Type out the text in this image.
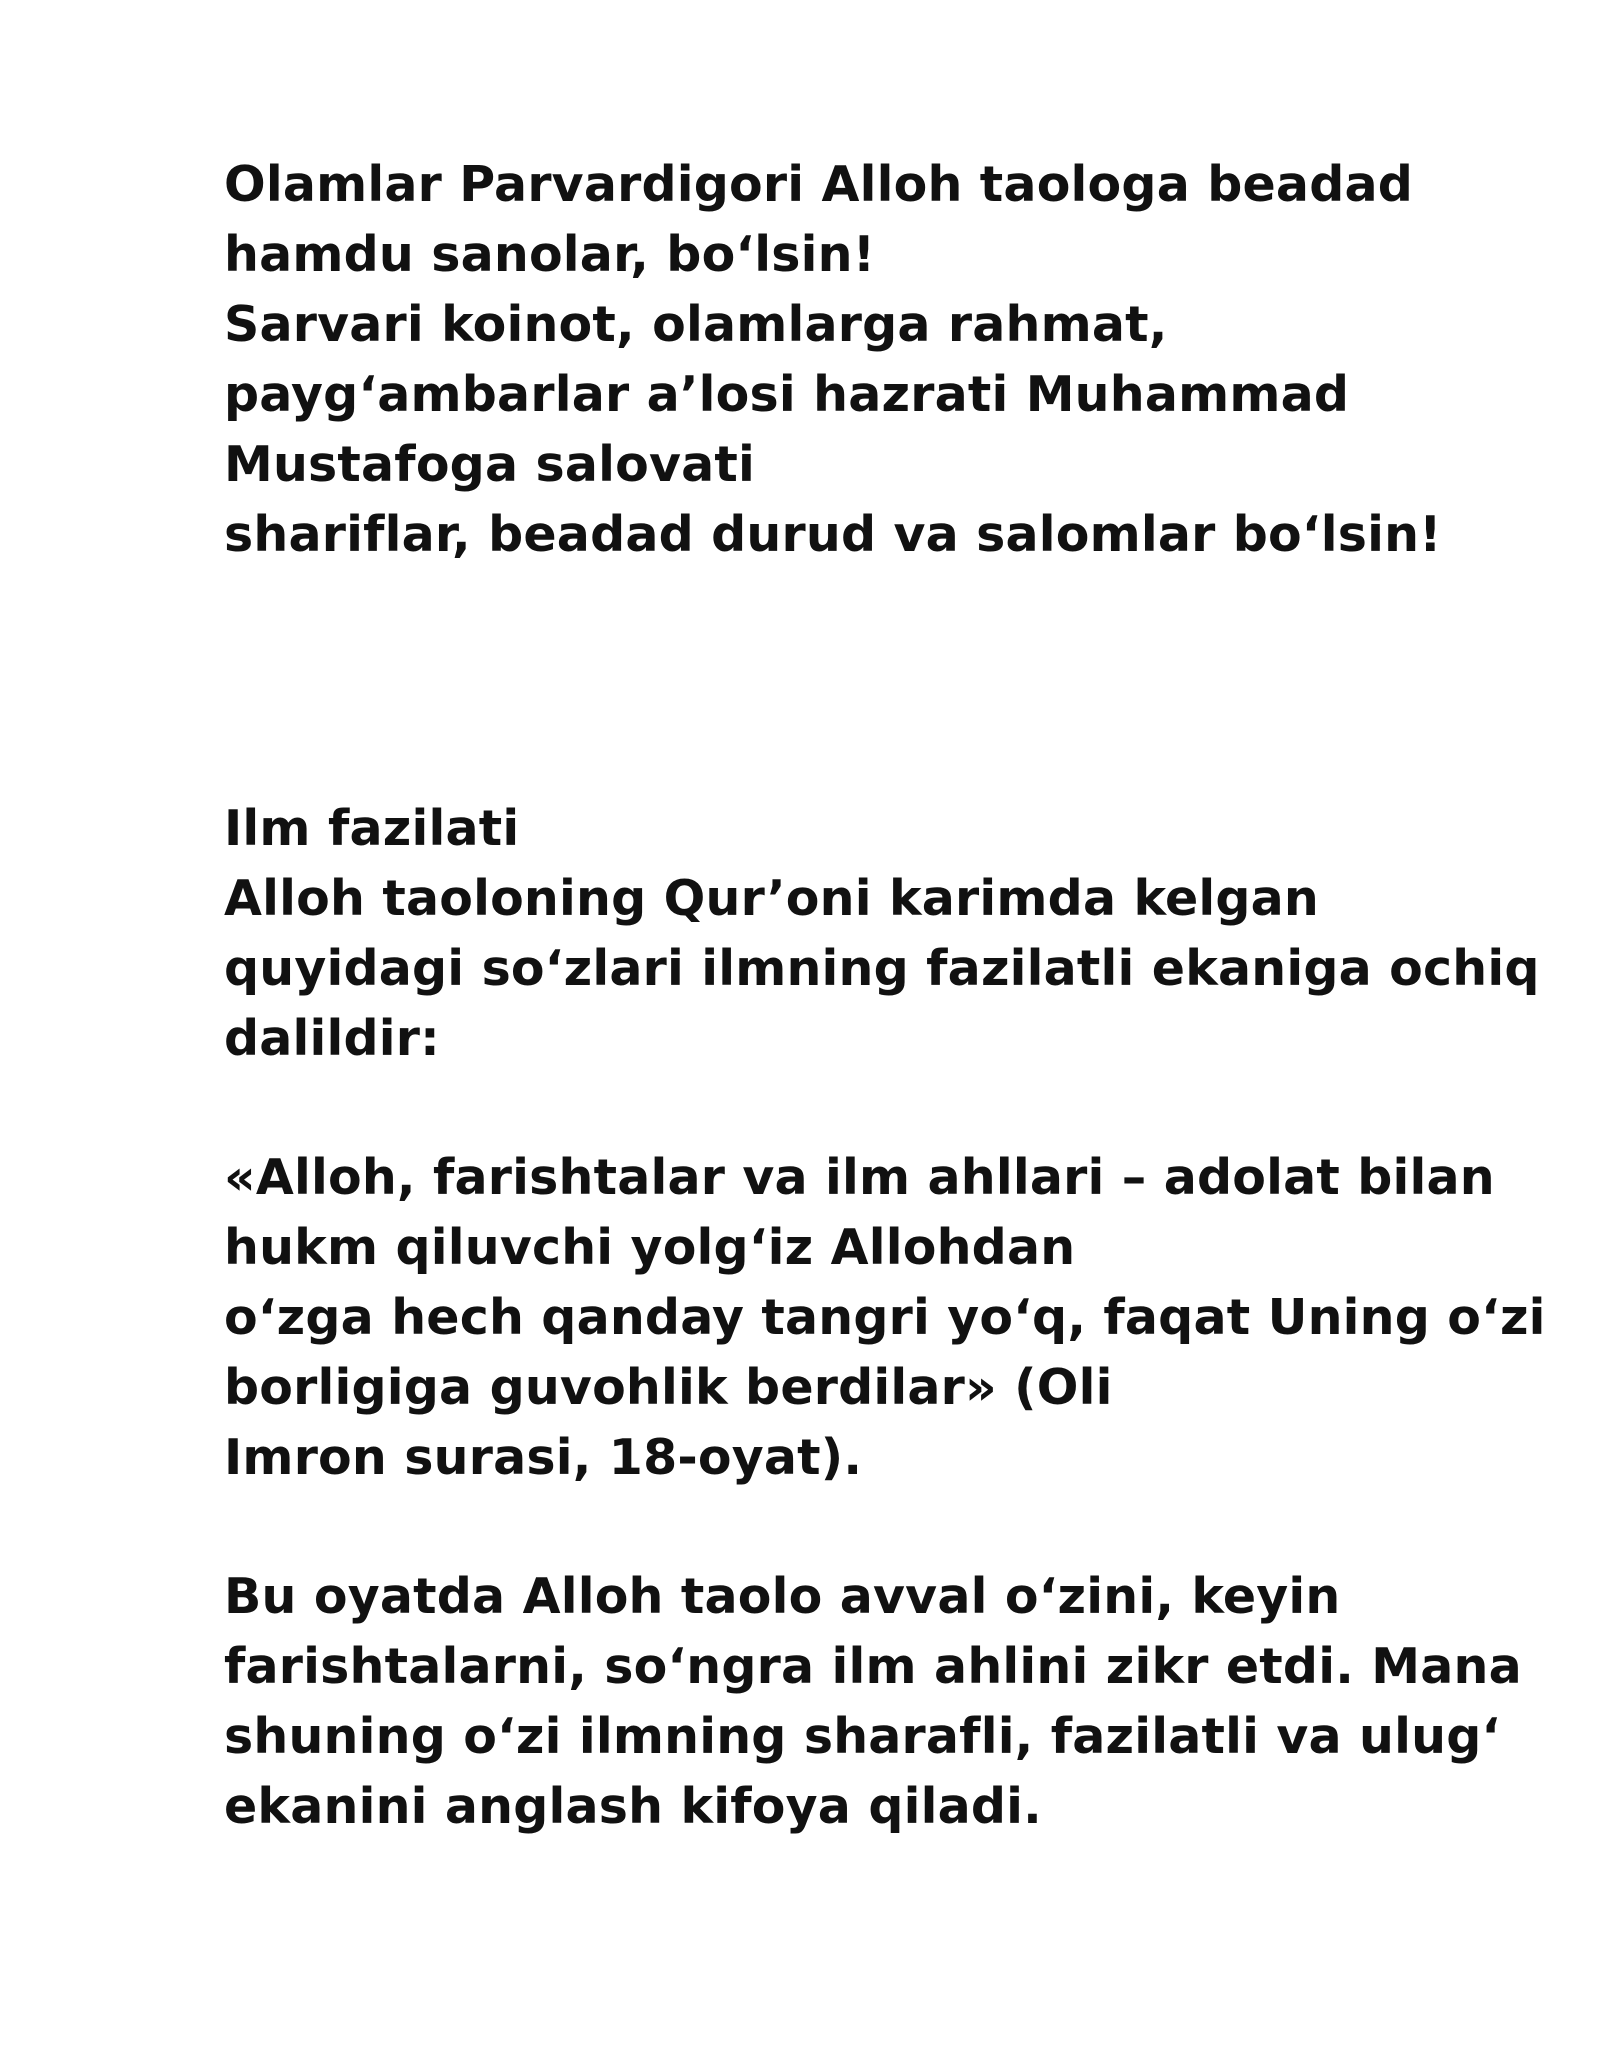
Olamlar Parvardigori Alloh taologa beadad
hamdu sanolar, bo‘lsin!
Sarvari koinot, olamlarga rahmat,
payg‘ambarlar a’losi hazrati Muhammad
Mustafoga salovati
shariflar, beadad durud va salomlar bo‘lsin!
Ilm fazilati
Alloh taoloning Qur’oni karimda kelgan
quyidagi so‘zlari ilmning fazilatli ekaniga ochiq
dalildir:
«Alloh, farishtalar va ilm ahllari – adolat bilan
hukm qiluvchi yolg‘iz Allohdan
o‘zga hech qanday tangri yo‘q, faqat Uning o‘zi
borligiga guvohlik berdilar» (Oli
Imron surasi, 18-oyat).
Bu oyatda Alloh taolo avval o‘zini, keyin
farishtalarni, so‘ngra ilm ahlini zikr etdi. Mana
shuning o‘zi ilmning sharafli, fazilatli va ulug‘
ekanini anglash kifoya qiladi.
